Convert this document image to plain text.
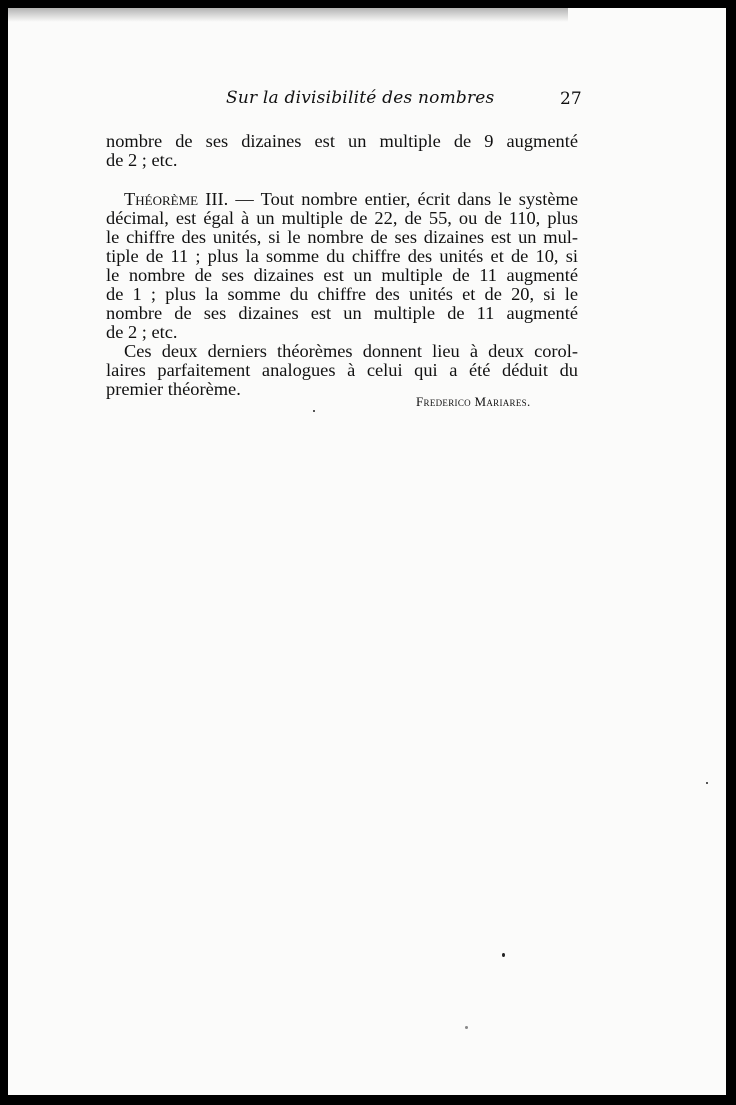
Sur la divisibilité des nombres	27
nombre de ses dizaines est un multiple de 9 augmenté
de 2 ; etc.
Théorème III. — Tout nombre entier, écrit dans le système
décimal, est égal à un multiple de 22, de 55, ou de 110, plus
le chiffre des unités, si le nombre de ses dizaines est un mul-
tiple de 11 ; plus la somme du chiffre des unités et de 10, si
le nombre de ses dizaines est un multiple de 11 augmenté
de 1 ; plus la somme du chiffre des unités et de 20, si le
nombre de ses dizaines est un multiple de 11 augmenté
de 2 ; etc.
Ces deux derniers théorèmes donnent lieu à deux corol-
laires parfaitement analogues à celui qui a été déduit du
premier théorème.
Frederico Mariares.
